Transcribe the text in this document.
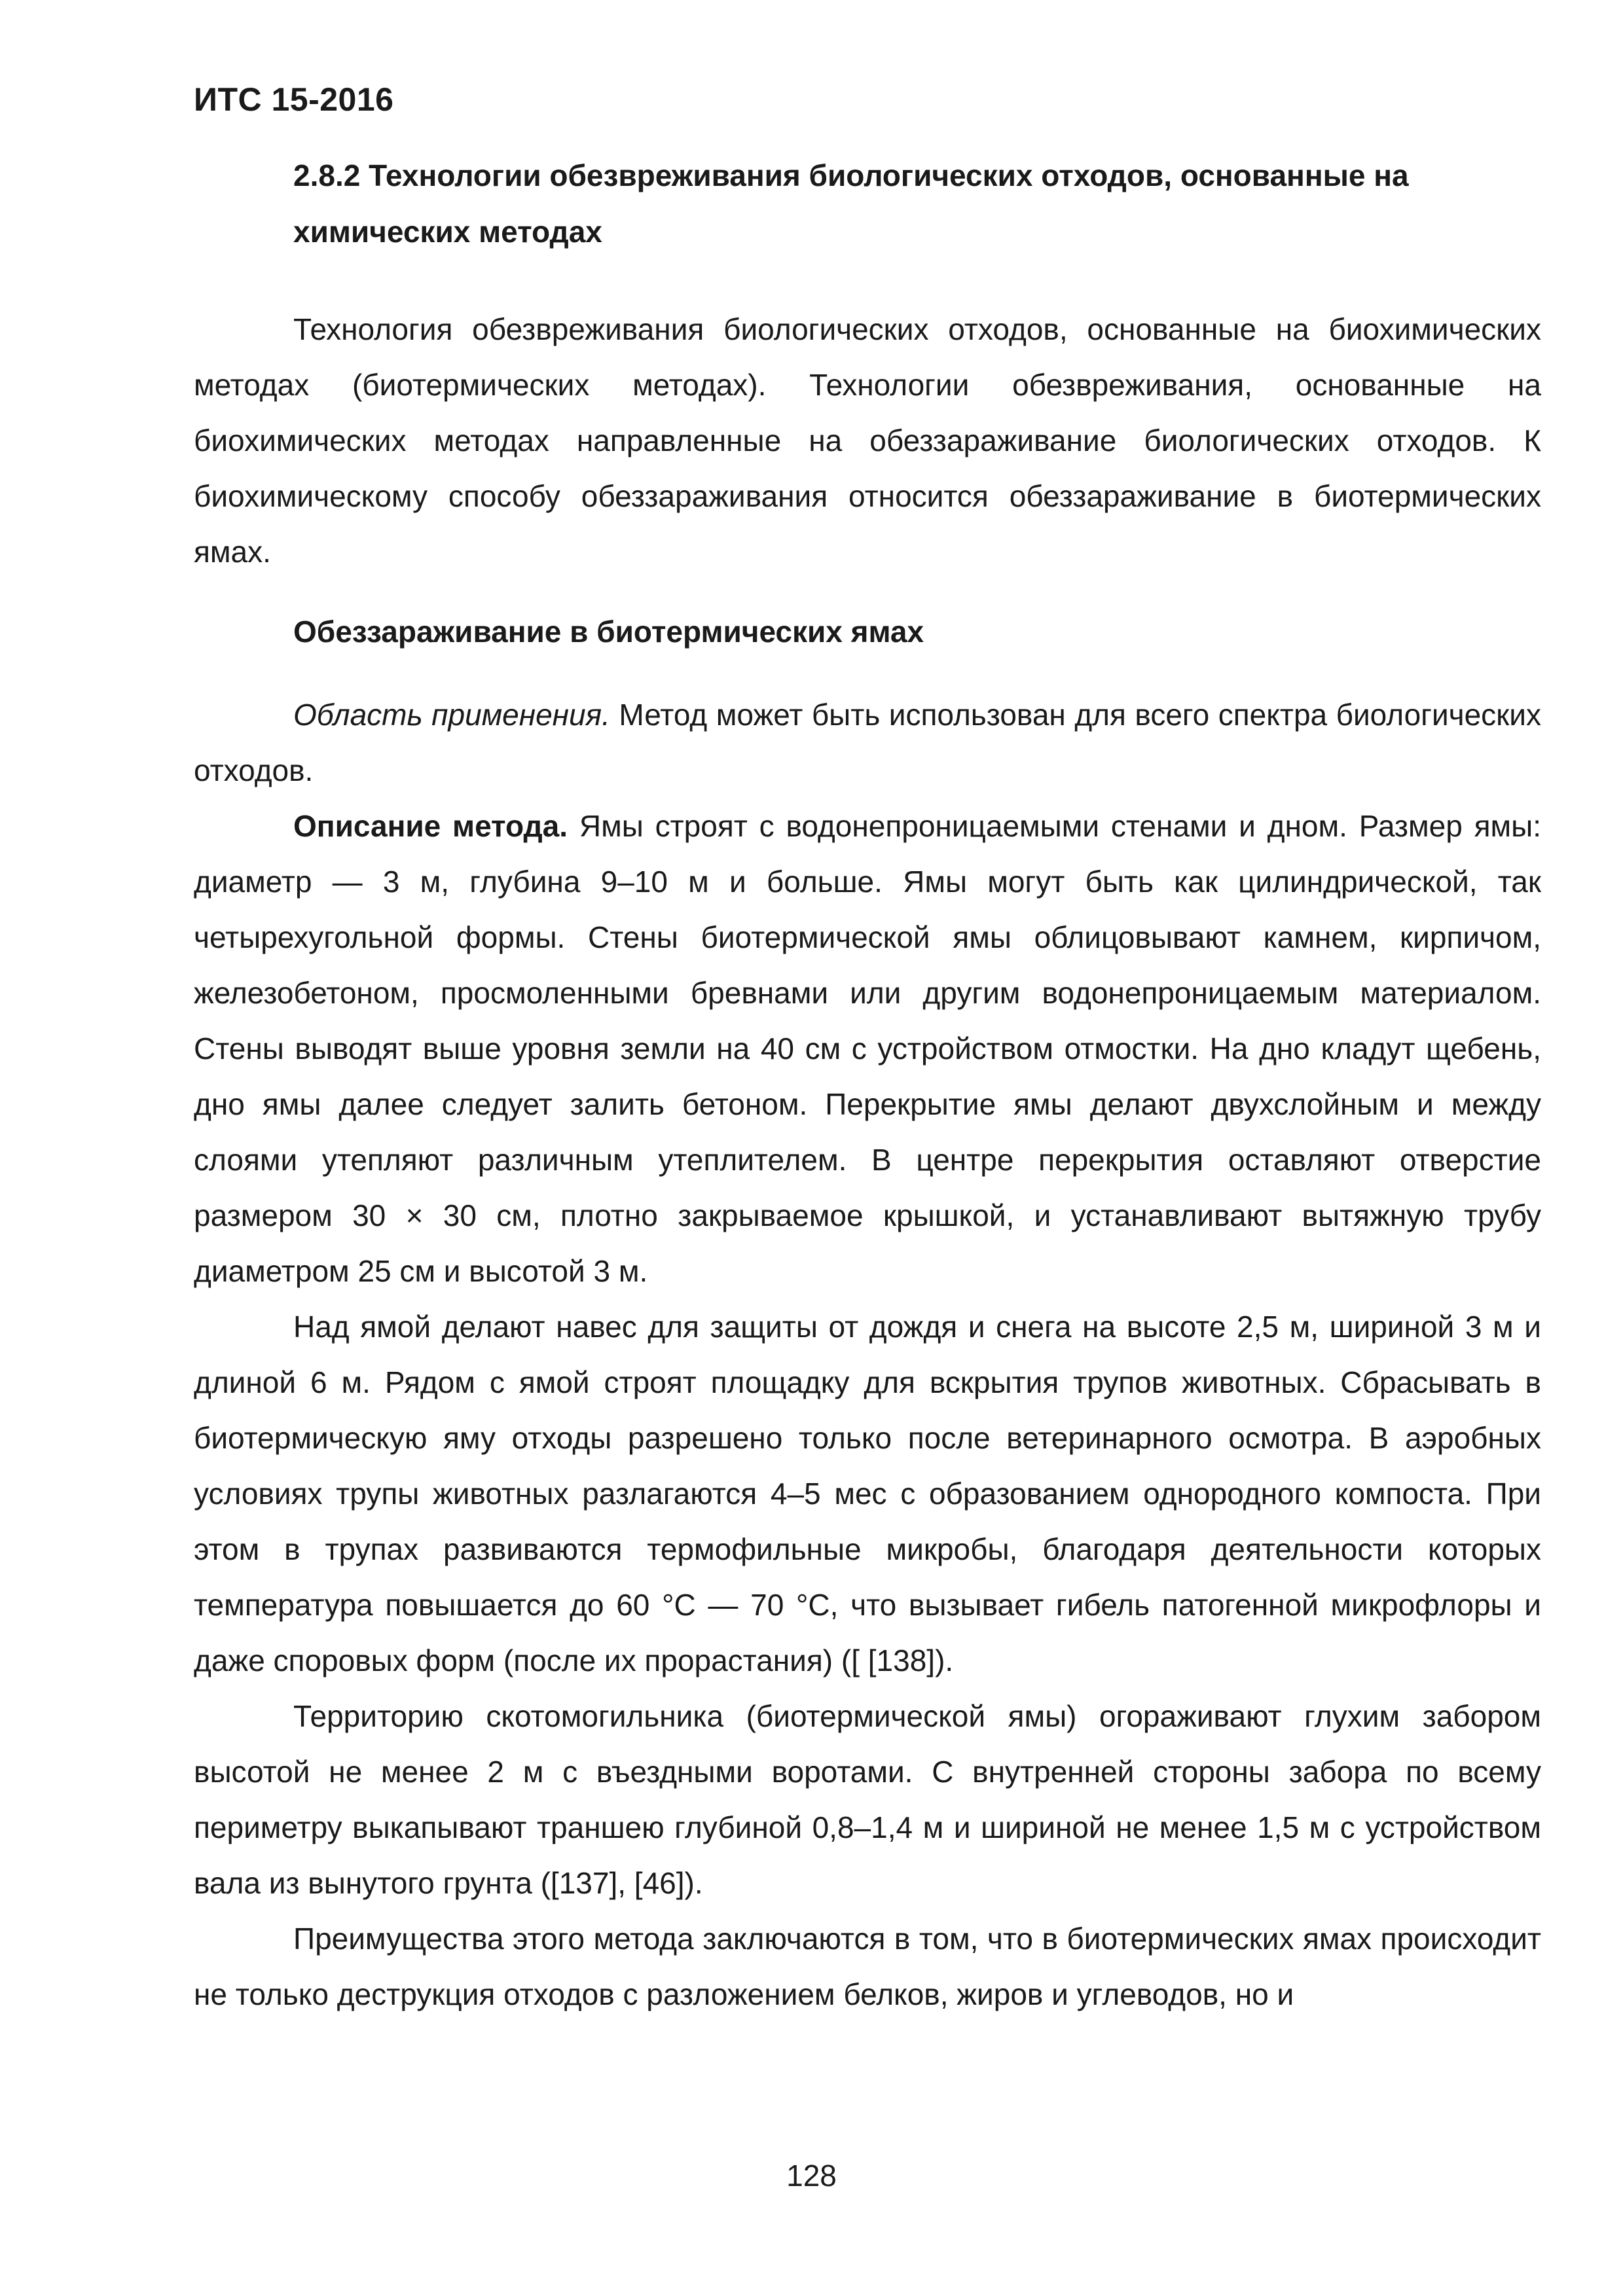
ИТС 15-2016
2.8.2 Технологии обезвреживания биологических отходов, основанные на химических методах

Технология обезвреживания биологических отходов, основанные на биохимических методах (биотермических методах). Технологии обезвреживания, основанные на биохимических методах направленные на обеззараживание биологических отходов. К биохимическому способу обеззараживания относится обеззараживание в биотермических ямах.

Обеззараживание в биотермических ямах

Область применения. Метод может быть использован для всего спектра биологических отходов.

Описание метода. Ямы строят с водонепроницаемыми стенами и дном. Размер ямы: диаметр — 3 м, глубина 9–10 м и больше. Ямы могут быть как цилиндрической, так четырехугольной формы. Стены биотермической ямы облицовывают камнем, кирпичом, железобетоном, просмоленными бревнами или другим водонепроницаемым материалом. Стены выводят выше уровня земли на 40 см с устройством отмостки. На дно кладут щебень, дно ямы далее следует залить бетоном. Перекрытие ямы делают двухслойным и между слоями утепляют различным утеплителем. В центре перекрытия оставляют отверстие размером 30 × 30 см, плотно закрываемое крышкой, и устанавливают вытяжную трубу диаметром 25 см и высотой 3 м.

Над ямой делают навес для защиты от дождя и снега на высоте 2,5 м, шириной 3 м и длиной 6 м. Рядом с ямой строят площадку для вскрытия трупов животных. Сбрасывать в биотермическую яму отходы разрешено только после ветеринарного осмотра. В аэробных условиях трупы животных разлагаются 4–5 мес с образованием однородного компоста. При этом в трупах развиваются термофильные микробы, благодаря деятельности которых температура повышается до 60 °С — 70 °С, что вызывает гибель патогенной микрофлоры и даже споровых форм (после их прорастания) ([ [138]).

Территорию скотомогильника (биотермической ямы) огораживают глухим забором высотой не менее 2 м с въездными воротами. С внутренней стороны забора по всему периметру выкапывают траншею глубиной 0,8–1,4 м и шириной не менее 1,5 м с устройством вала из вынутого грунта ([137], [46]).

Преимущества этого метода заключаются в том, что в биотермических ямах происходит не только деструкция отходов с разложением белков, жиров и углеводов, но и

128
